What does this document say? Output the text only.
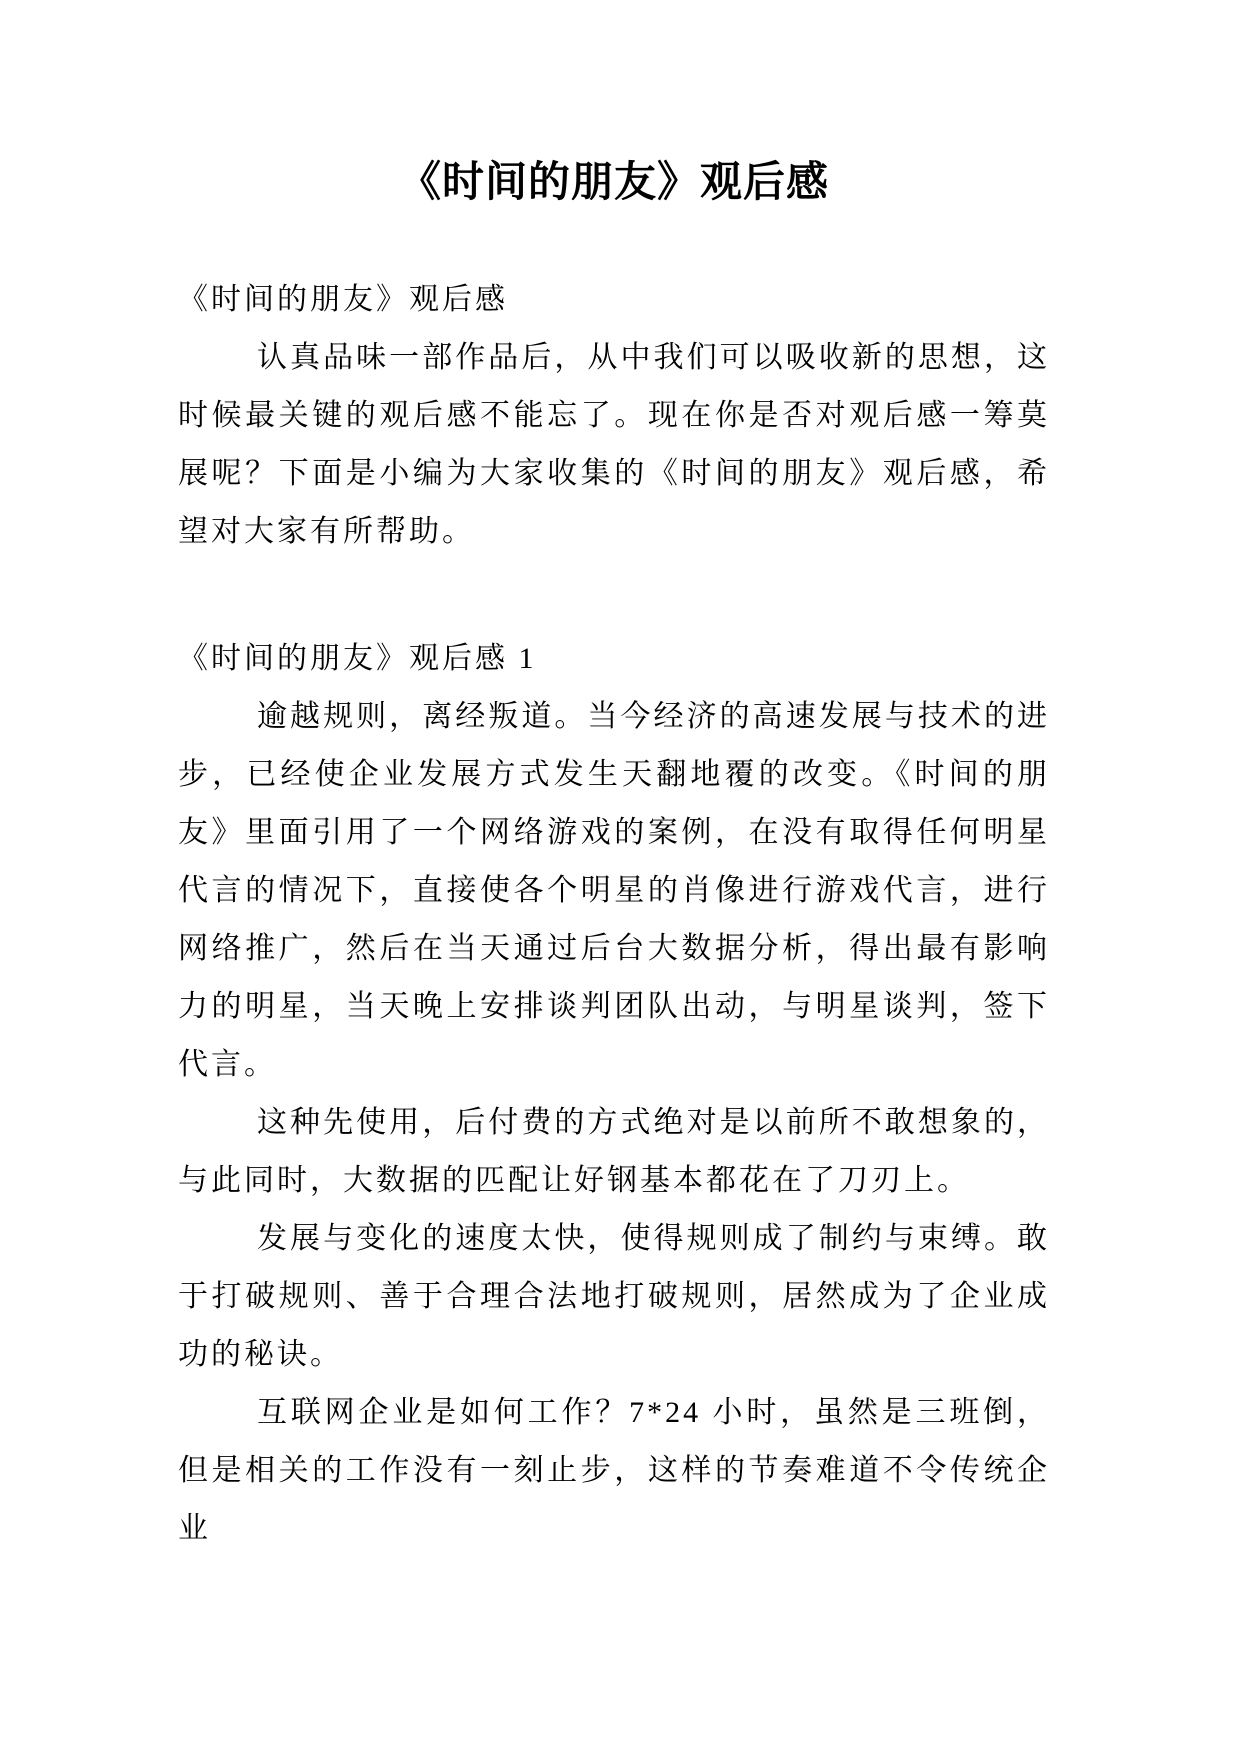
《时间的朋友》观后感

《时间的朋友》观后感

认真品味一部作品后，从中我们可以吸收新的思想，这时候最关键的观后感不能忘了。现在你是否对观后感一筹莫展呢？下面是小编为大家收集的《时间的朋友》观后感，希望对大家有所帮助。

《时间的朋友》观后感 1

逾越规则，离经叛道。当今经济的高速发展与技术的进步，已经使企业发展方式发生天翻地覆的改变。《时间的朋友》里面引用了一个网络游戏的案例，在没有取得任何明星代言的情况下，直接使各个明星的肖像进行游戏代言，进行网络推广，然后在当天通过后台大数据分析，得出最有影响力的明星，当天晚上安排谈判团队出动，与明星谈判，签下代言。

这种先使用，后付费的方式绝对是以前所不敢想象的，与此同时，大数据的匹配让好钢基本都花在了刀刃上。

发展与变化的速度太快，使得规则成了制约与束缚。敢于打破规则、善于合理合法地打破规则，居然成为了企业成功的秘诀。

互联网企业是如何工作？7*24 小时，虽然是三班倒，但是相关的工作没有一刻止步，这样的节奏难道不令传统企业
